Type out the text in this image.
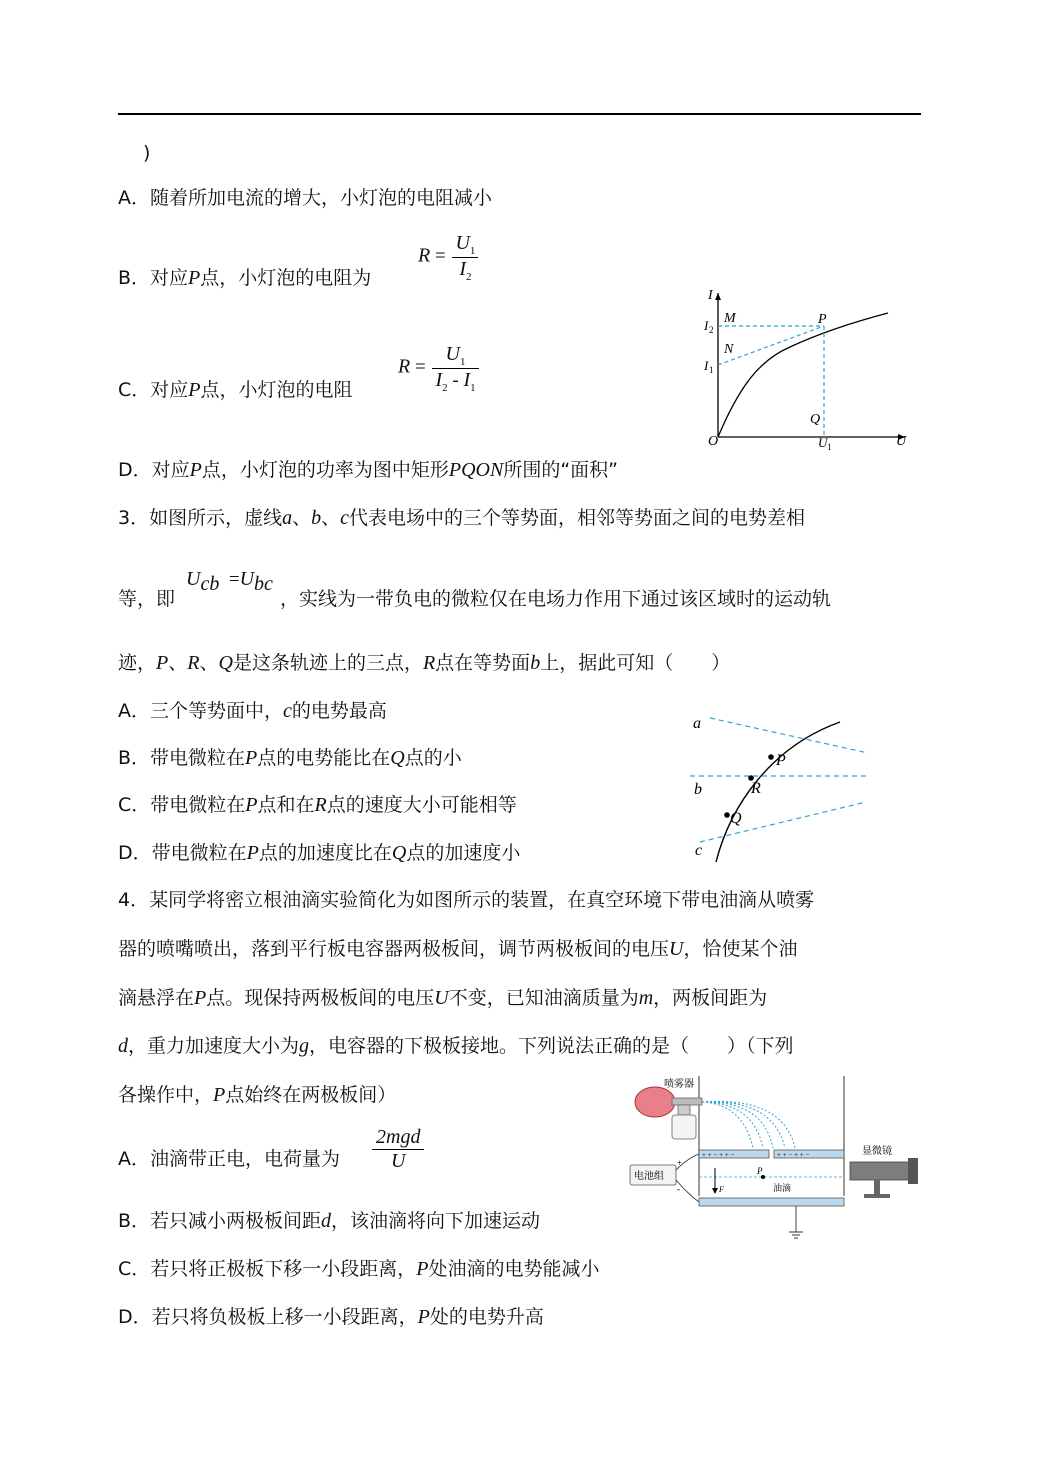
)
A．随着所加电流的增大，小灯泡的电阻减小
B．对应P点，小灯泡的电阻为
$R = \frac{U_1}{I_2}$
C．对应P点，小灯泡的电阻
$R = \frac{U_1}{I_2 - I_1}$
D．对应P点，小灯泡的功率为图中矩形PQON所围的“面积”
I
U
O
M
N
P
Q
I 2
I 1
U 1
3．如图所示，虚线a、b、c代表电场中的三个等势面，相邻等势面之间的电势差相
等，即	，实线为一带负电的微粒仅在电场力作用下通过该区域时的运动轨
$U_{cb} =U_{bc}$
迹，P、R、Q是这条轨迹上的三点，R点在等势面b上，据此可知（　　）
A．三个等势面中，c的电势最高
B．带电微粒在P点的电势能比在Q点的小
C．带电微粒在P点和在R点的速度大小可能相等
D．带电微粒在P点的加速度比在Q点的加速度小
a
b
c
P
R
Q
4．某同学将密立根油滴实验简化为如图所示的装置，在真空环境下带电油滴从喷雾
器的喷嘴喷出，落到平行板电容器两极板间，调节两极板间的电压U，恰使某个油
滴悬浮在P点。现保持两极板间的电压U不变，已知油滴质量为m，两板间距为
d，重力加速度大小为g，电容器的下极板接地。下列说法正确的是（　　）（下列
各操作中，P点始终在两极板间）
A．油滴带正电，电荷量为 $\frac{\text{2mgd}}{U}$
B．若只减小两极板间距d，该油滴将向下加速运动
C．若只将正极板下移一小段距离，P处油滴的电势能减小
D．若只将负极板上移一小段距离，P处的电势升高
喷雾器
+ + − + + −	+ + − + + −
P
油滴
F
电池组
+
-
显微镜
